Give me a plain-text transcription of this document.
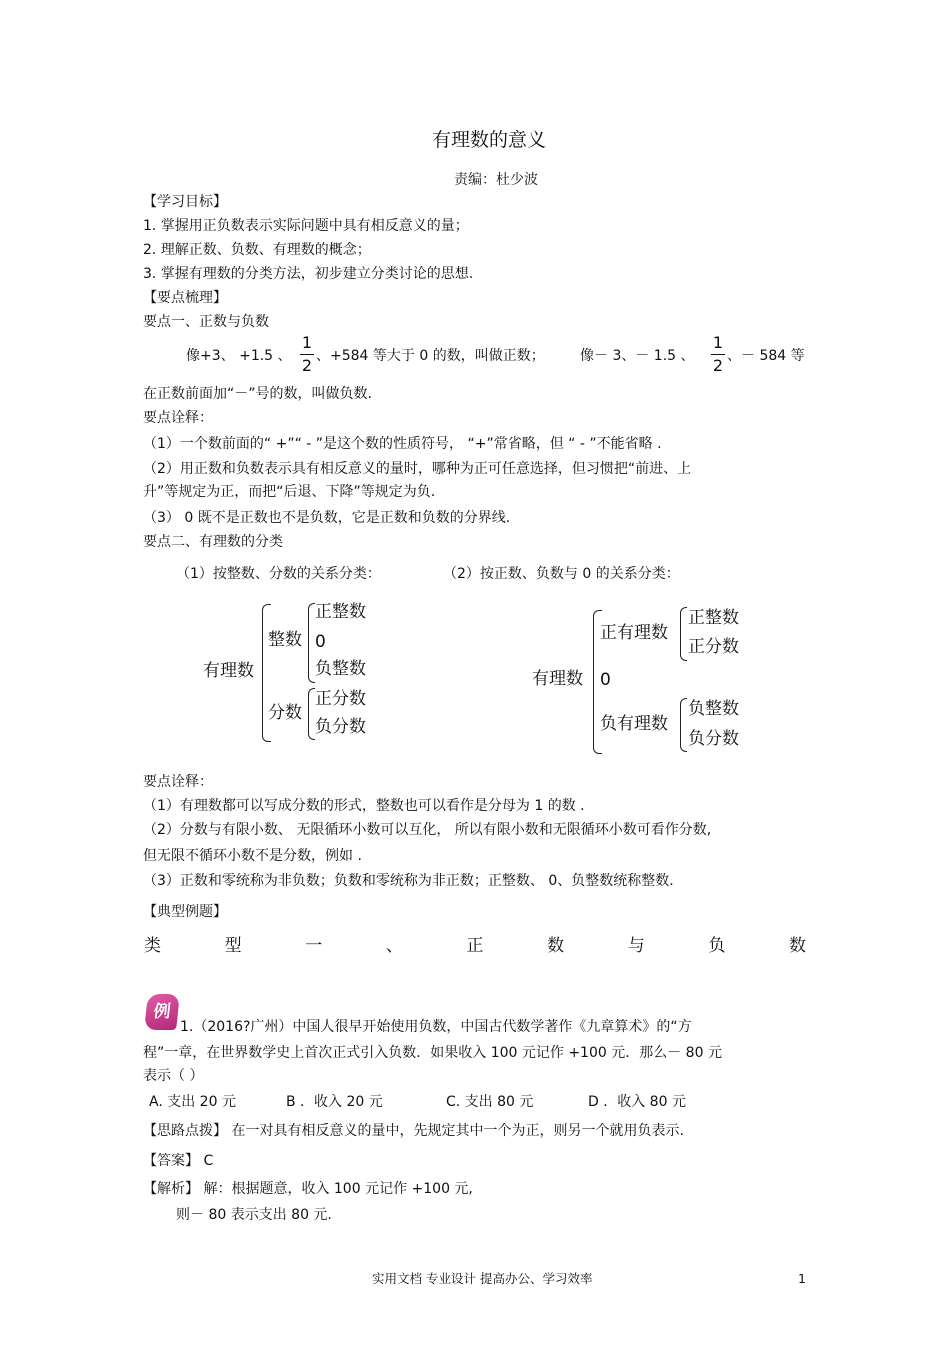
有理数的意义
责编：杜少波
【学习目标】
1. 掌握用正负数表示实际问题中具有相反意义的量；
2. 理解正数、负数、有理数的概念；
3. 掌握有理数的分类方法，初步建立分类讨论的思想.
【要点梳理】
要点一、正数与负数
像+3、 +1.5 、
1
2 、+584 等大于 0 的数，叫做正数；	像－ 3、－ 1.5 、
1
2 、－ 584 等
在正数前面加“－”号的数，叫做负数.
要点诠释：
（1）一个数前面的“ +”“ - ”是这个数的性质符号， “+”常省略，但 “ - ”不能省略 .
（2）用正数和负数表示具有相反意义的量时，哪种为正可任意选择，但习惯把“前进、上
升”等规定为正，而把“后退、下降”等规定为负.
（3） 0 既不是正数也不是负数，它是正数和负数的分界线.
要点二、有理数的分类
（1）按整数、分数的关系分类：	（2）按正数、负数与 0 的关系分类：
有理数
整数
正整数
0
负整数
分数
正分数
负分数
有理数
正有理数
正整数
正分数
0
负有理数
负整数
负分数
要点诠释：
（1）有理数都可以写成分数的形式，整数也可以看作是分母为 1 的数 .
（2）分数与有限小数、 无限循环小数可以互化， 所以有限小数和无限循环小数可看作分数,
但无限不循环小数不是分数，例如 .
（3）正数和零统称为非负数；负数和零统称为非正数；正整数、 0、负整数统称整数.
【典型例题】
类	型	一	、	正	数	与	负	数
例
1.（2016?广州）中国人很早开始使用负数，中国古代数学著作《九章算术》的“方
程”一章，在世界数学史上首次正式引入负数．如果收入 100 元记作 +100 元．那么－ 80 元
表示（ ）
A. 支出 20 元	B ．收入 20 元	C. 支出 80 元	D ．收入 80 元
【思路点拨】 在一对具有相反意义的量中，先规定其中一个为正，则另一个就用负表示.
【答案】 C
【解析】 解：根据题意，收入 100 元记作 +100 元,
则－ 80 表示支出 80 元.
实用文档 专业设计 提高办公、学习效率	1
